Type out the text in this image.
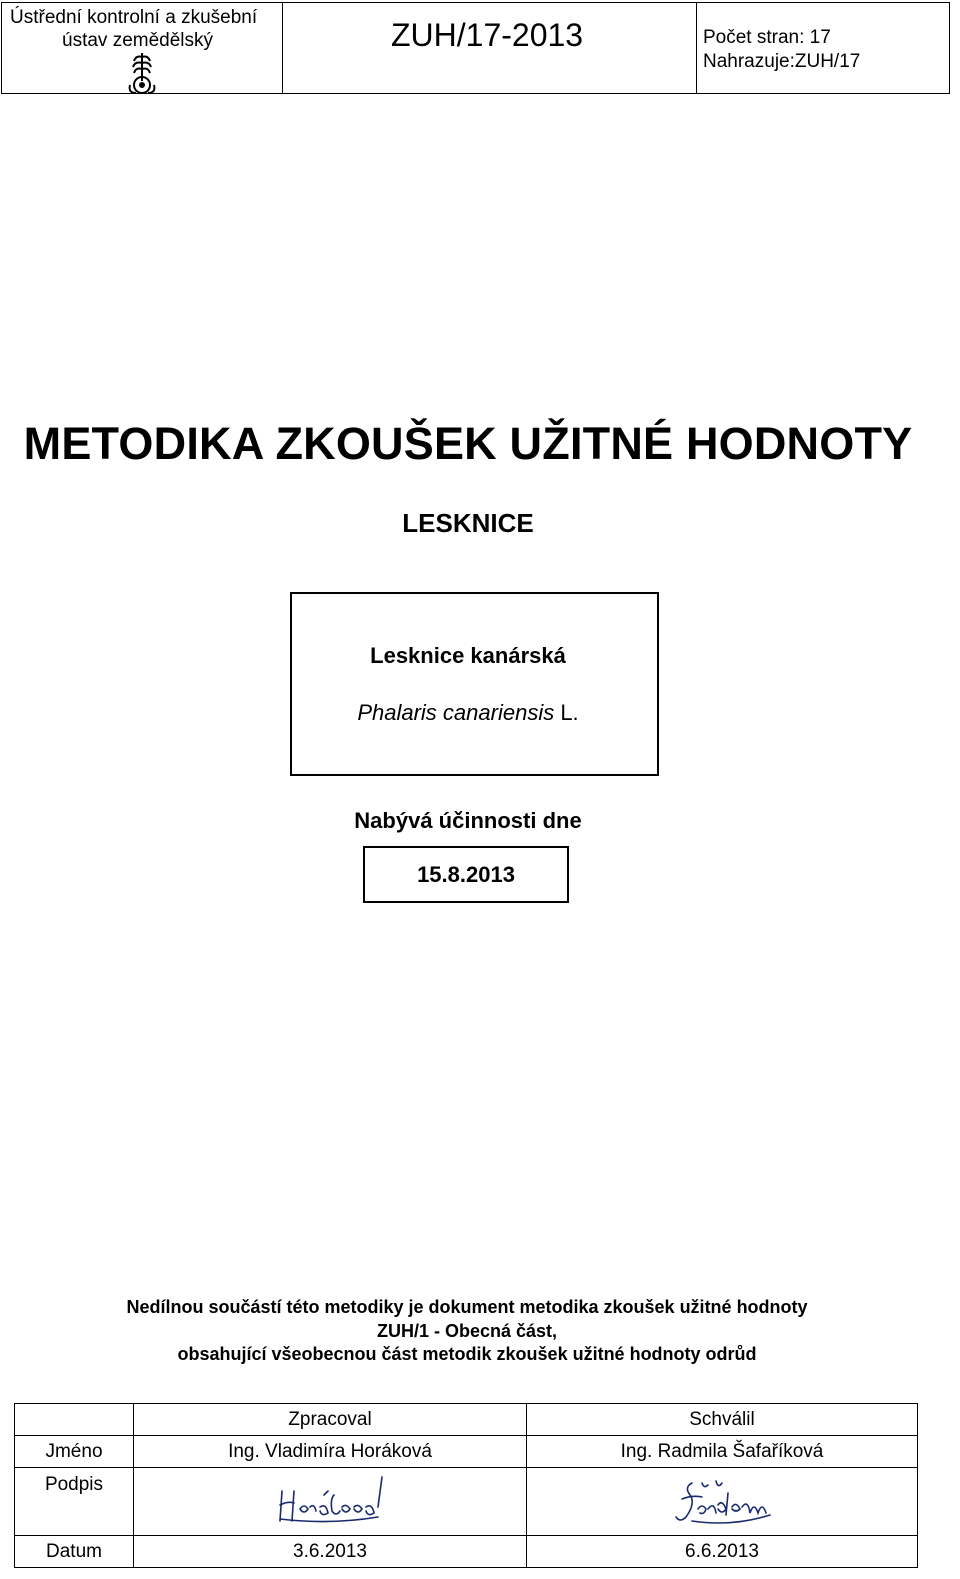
Ústřední kontrolní a zkušební
ústav zemědělský	ZUH/17-2013	Počet stran: 17
Nahrazuje:ZUH/17
METODIKA ZKOUŠEK UŽITNÉ HODNOTY
LESKNICE
Lesknice kanárská
Phalaris canariensis L.
Nabývá účinnosti dne
15.8.2013
Nedílnou součástí této metodiky je dokument metodika zkoušek užitné hodnoty
ZUH/1 - Obecná část,
obsahující všeobecnou část metodik zkoušek užitné hodnoty odrůd
	Zpracoval	Schválil
Jméno	Ing. Vladimíra Horáková	Ing. Radmila Šafaříková
Podpis	

Datum	3.6.2013	6.6.2013
